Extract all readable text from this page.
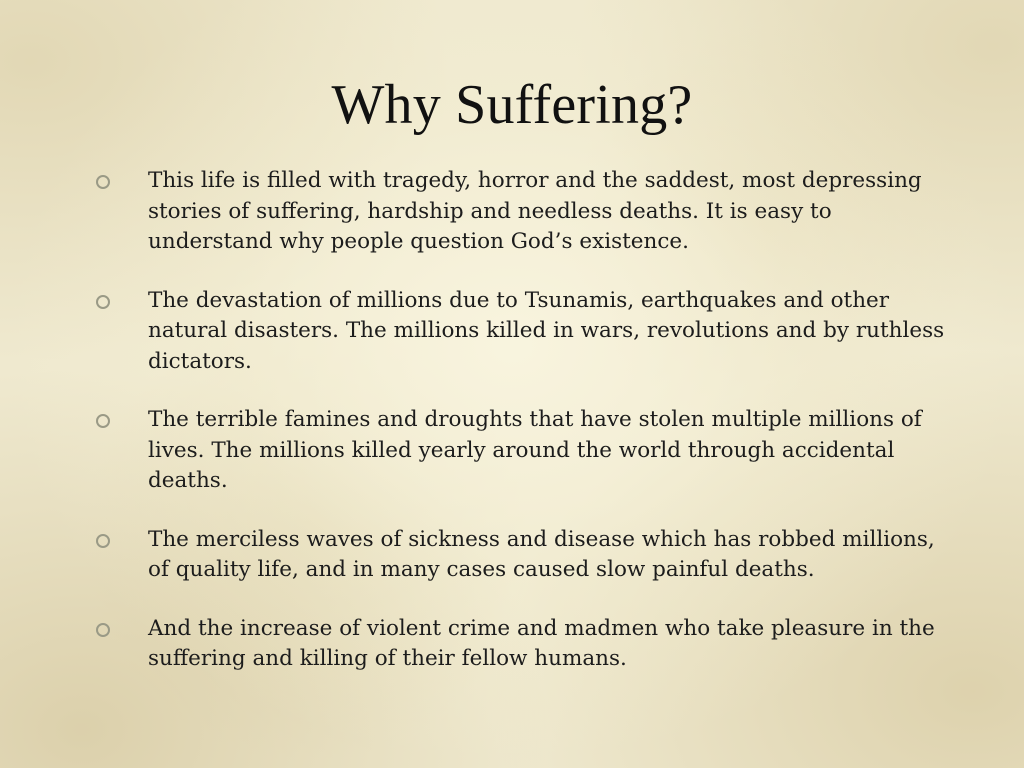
Why Suffering?
This life is filled with tragedy, horror and the saddest, most depressing stories of suffering, hardship and needless deaths. It is easy to understand why people question God’s existence.
The devastation of millions due to Tsunamis, earthquakes and other natural disasters. The millions killed in wars, revolutions and by ruthless dictators.
The terrible famines and droughts that have stolen multiple millions of lives. The millions killed yearly around the world through accidental deaths.
The merciless waves of sickness and disease which has robbed millions, of quality life, and in many cases caused slow painful deaths.
And the increase of violent crime and madmen who take pleasure in the suffering and killing of their fellow humans.
